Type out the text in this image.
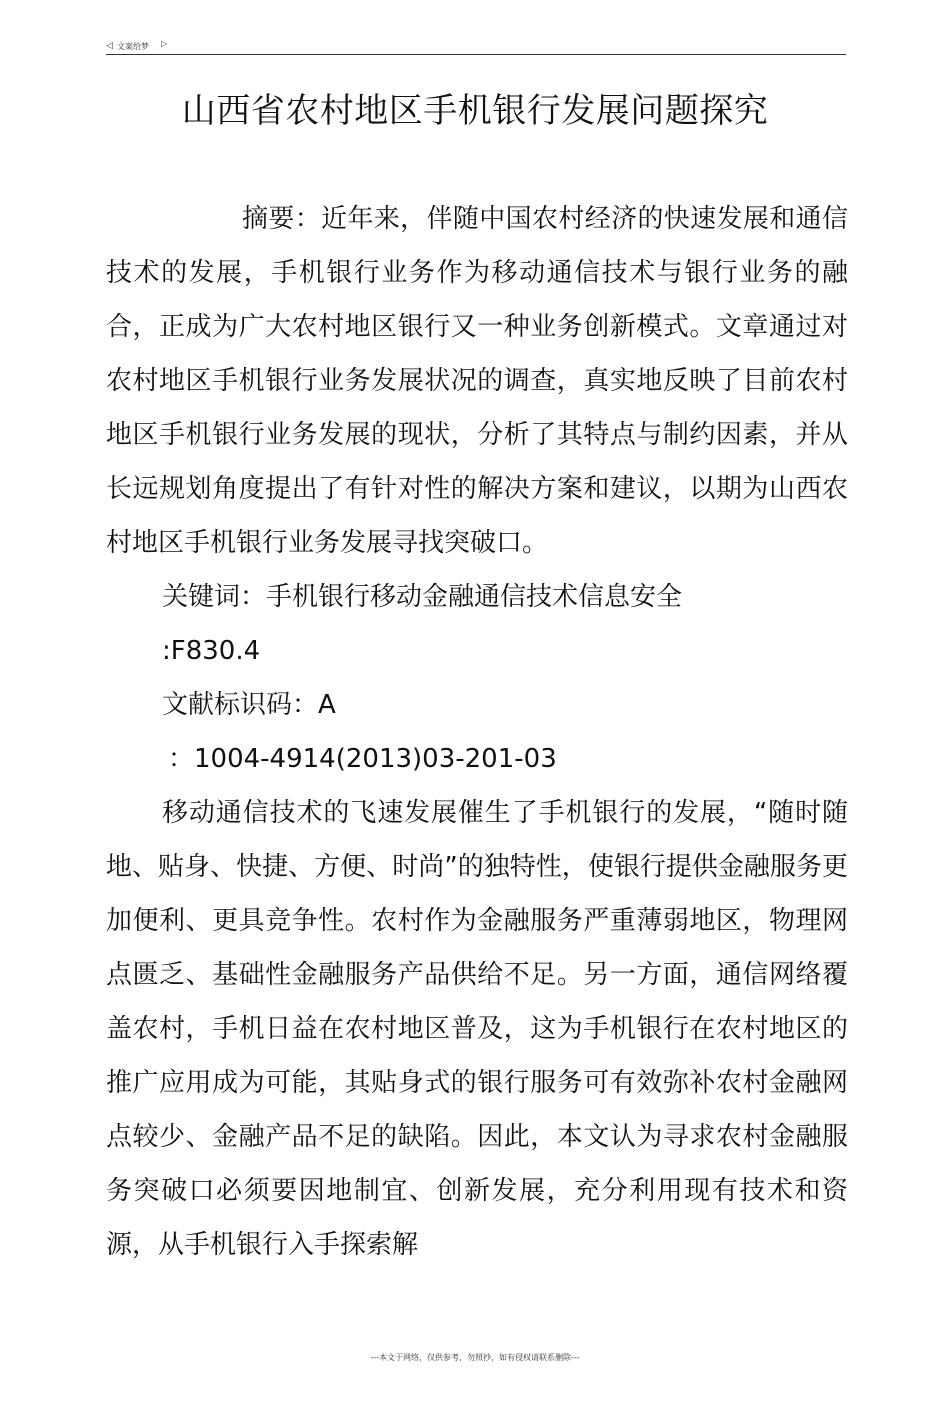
◁ 文案给梦 ▷
山西省农村地区手机银行发展问题探究

摘要：近年来，伴随中国农村经济的快速发展和通信技术的发展，手机银行业务作为移动通信技术与银行业务的融合，正成为广大农村地区银行又一种业务创新模式。文章通过对农村地区手机银行业务发展状况的调查，真实地反映了目前农村地区手机银行业务发展的现状，分析了其特点与制约因素，并从长远规划角度提出了有针对性的解决方案和建议，以期为山西农村地区手机银行业务发展寻找突破口。

关键词：手机银行移动金融通信技术信息安全

:F830.4

文献标识码：A

：1004-4914(2013)03-201-03

移动通信技术的飞速发展催生了手机银行的发展，“随时随地、贴身、快捷、方便、时尚”的独特性，使银行提供金融服务更加便利、更具竞争性。农村作为金融服务严重薄弱地区，物理网点匮乏、基础性金融服务产品供给不足。另一方面，通信网络覆盖农村，手机日益在农村地区普及，这为手机银行在农村地区的推广应用成为可能，其贴身式的银行服务可有效弥补农村金融网点较少、金融产品不足的缺陷。因此，本文认为寻求农村金融服务突破口必须要因地制宜、创新发展，充分利用现有技术和资源，从手机银行入手探索解

---本文于网络，仅供参考，勿照抄，如有侵权请联系删除---
